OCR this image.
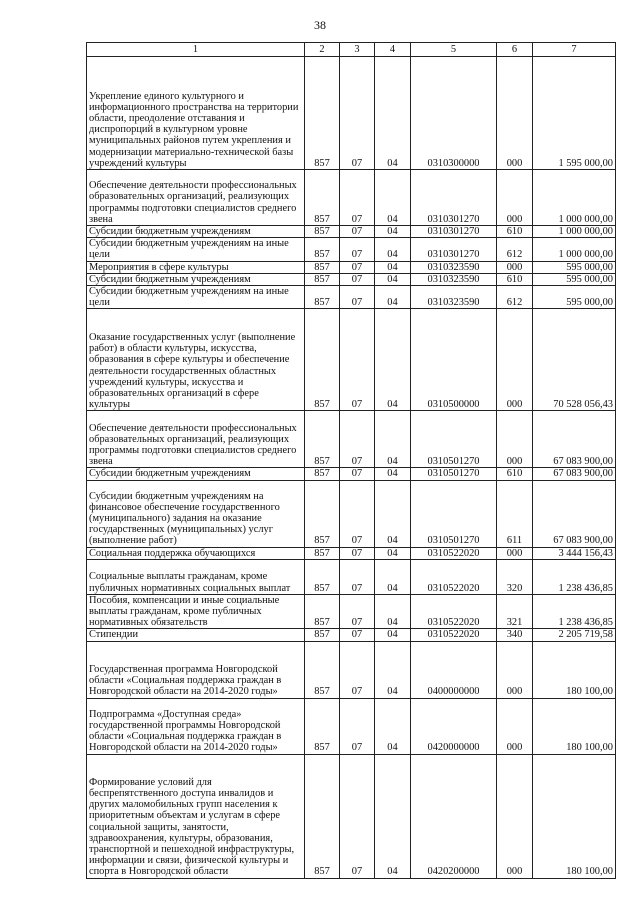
38
1	2	3	4	5	6	7
Укрепление единого культурного и информационного пространства на территории области, преодоление отставания и диспропорций в культурном уровне муниципальных районов путем укрепления и модернизации материально-технической базы учреждений культуры	857	07	04	0310300000	000	1 595 000,00
Обеспечение деятельности профессиональных образовательных организаций, реализующих программы подготовки специалистов среднего звена	857	07	04	0310301270	000	1 000 000,00
Субсидии бюджетным учреждениям	857	07	04	0310301270	610	1 000 000,00
Субсидии бюджетным учреждениям на иные цели	857	07	04	0310301270	612	1 000 000,00
Мероприятия в сфере культуры	857	07	04	0310323590	000	595 000,00
Субсидии бюджетным учреждениям	857	07	04	0310323590	610	595 000,00
Субсидии бюджетным учреждениям на иные цели	857	07	04	0310323590	612	595 000,00
Оказание государственных услуг (выполнение работ) в области культуры, искусства, образования в сфере культуры и обеспечение деятельности государственных областных учреждений культуры, искусства и образовательных организаций в сфере культуры	857	07	04	0310500000	000	70 528 056,43
Обеспечение деятельности профессиональных образовательных организаций, реализующих программы подготовки специалистов среднего звена	857	07	04	0310501270	000	67 083 900,00
Субсидии бюджетным учреждениям	857	07	04	0310501270	610	67 083 900,00
Субсидии бюджетным учреждениям на финансовое обеспечение государственного (муниципального) задания на оказание государственных (муниципальных) услуг (выполнение работ)	857	07	04	0310501270	611	67 083 900,00
Социальная поддержка обучающихся	857	07	04	0310522020	000	3 444 156,43
Социальные выплаты гражданам, кроме публичных нормативных социальных выплат	857	07	04	0310522020	320	1 238 436,85
Пособия, компенсации и иные социальные выплаты гражданам, кроме публичных нормативных обязательств	857	07	04	0310522020	321	1 238 436,85
Стипендии	857	07	04	0310522020	340	2 205 719,58
Государственная программа Новгородской области «Социальная поддержка граждан в Новгородской области на 2014-2020 годы»	857	07	04	0400000000	000	180 100,00
Подпрограмма «Доступная среда» государственной программы Новгородской области «Социальная поддержка граждан в Новгородской области на 2014-2020 годы»	857	07	04	0420000000	000	180 100,00
Формирование условий для беспрепятственного доступа инвалидов и других маломобильных групп населения к приоритетным объектам и услугам в сфере социальной защиты, занятости, здравоохранения, культуры, образования, транспортной и пешеходной инфраструктуры, информации и связи, физической культуры и спорта в Новгородской области	857	07	04	0420200000	000	180 100,00
